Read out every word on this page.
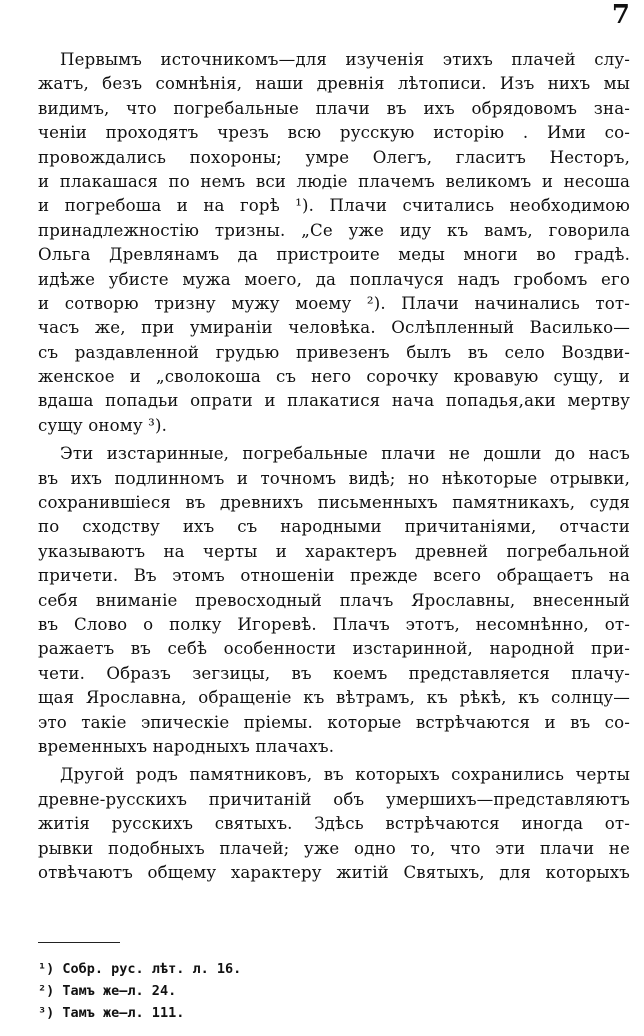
7
Первымъ источникомъ—для изученія этихъ плачей слу-
жатъ, безъ сомнѣнія, наши древнія лѣтописи. Изъ нихъ мы
видимъ, что погребальные плачи въ ихъ обрядовомъ зна-
ченіи проходятъ чрезъ всю русскую исторію . Ими со-
провождались похороны; умре Олегъ, гласитъ Несторъ,
и плакашася по немъ вси людіе плачемъ великомъ и несоша
и погребоша и на горѣ ¹). Плачи считались необходимою
принадлежностію тризны. „Се уже иду къ вамъ, говорила
Ольга Древлянамъ да пристроите меды многи во градѣ.
идѣже убисте мужа моего, да поплачуся надъ гробомъ его
и сотворю тризну мужу моему ²). Плачи начинались тот-
часъ же, при умираніи человѣка. Ослѣпленный Василько—
съ раздавленной грудью привезенъ былъ въ село Воздви-
женское и „сволокоша съ него сорочку кровавую сущу, и
вдаша попадьи опрати и плакатися нача попадья,аки мертву
сущу оному ³).
Эти изстаринные, погребальные плачи не дошли до насъ
въ ихъ подлинномъ и точномъ видѣ; но нѣкоторые отрывки,
сохранившіеся въ древнихъ письменныхъ памятникахъ, судя
по сходству ихъ съ народными причитаніями, отчасти
указываютъ на черты и характеръ древней погребальной
причети. Въ этомъ отношеніи прежде всего обращаетъ на
себя вниманіе превосходный плачъ Ярославны, внесенный
въ Слово о полку Игоревѣ. Плачъ этотъ, несомнѣнно, от-
ражаетъ въ себѣ особенности изстаринной, народной при-
чети. Образъ зегзицы, въ коемъ представляется плачу-
щая Ярославна, обращеніе къ вѣтрамъ, къ рѣкѣ, къ солнцу—
это такіе эпическіе пріемы. которые встрѣчаются и въ со-
временныхъ народныхъ плачахъ.
Другой родъ памятниковъ, въ которыхъ сохранились черты
древне-русскихъ причитаній объ умершихъ—представляютъ
житія русскихъ святыхъ. Здѣсь встрѣчаются иногда от-
рывки подобныхъ плачей; уже одно то, что эти плачи не
отвѣчаютъ общему характеру житій Святыхъ, для которыхъ
¹) Собр. рус. лѣт. л. 16.
²) Тамъ же—л. 24.
³) Тамъ же—л. 111.
